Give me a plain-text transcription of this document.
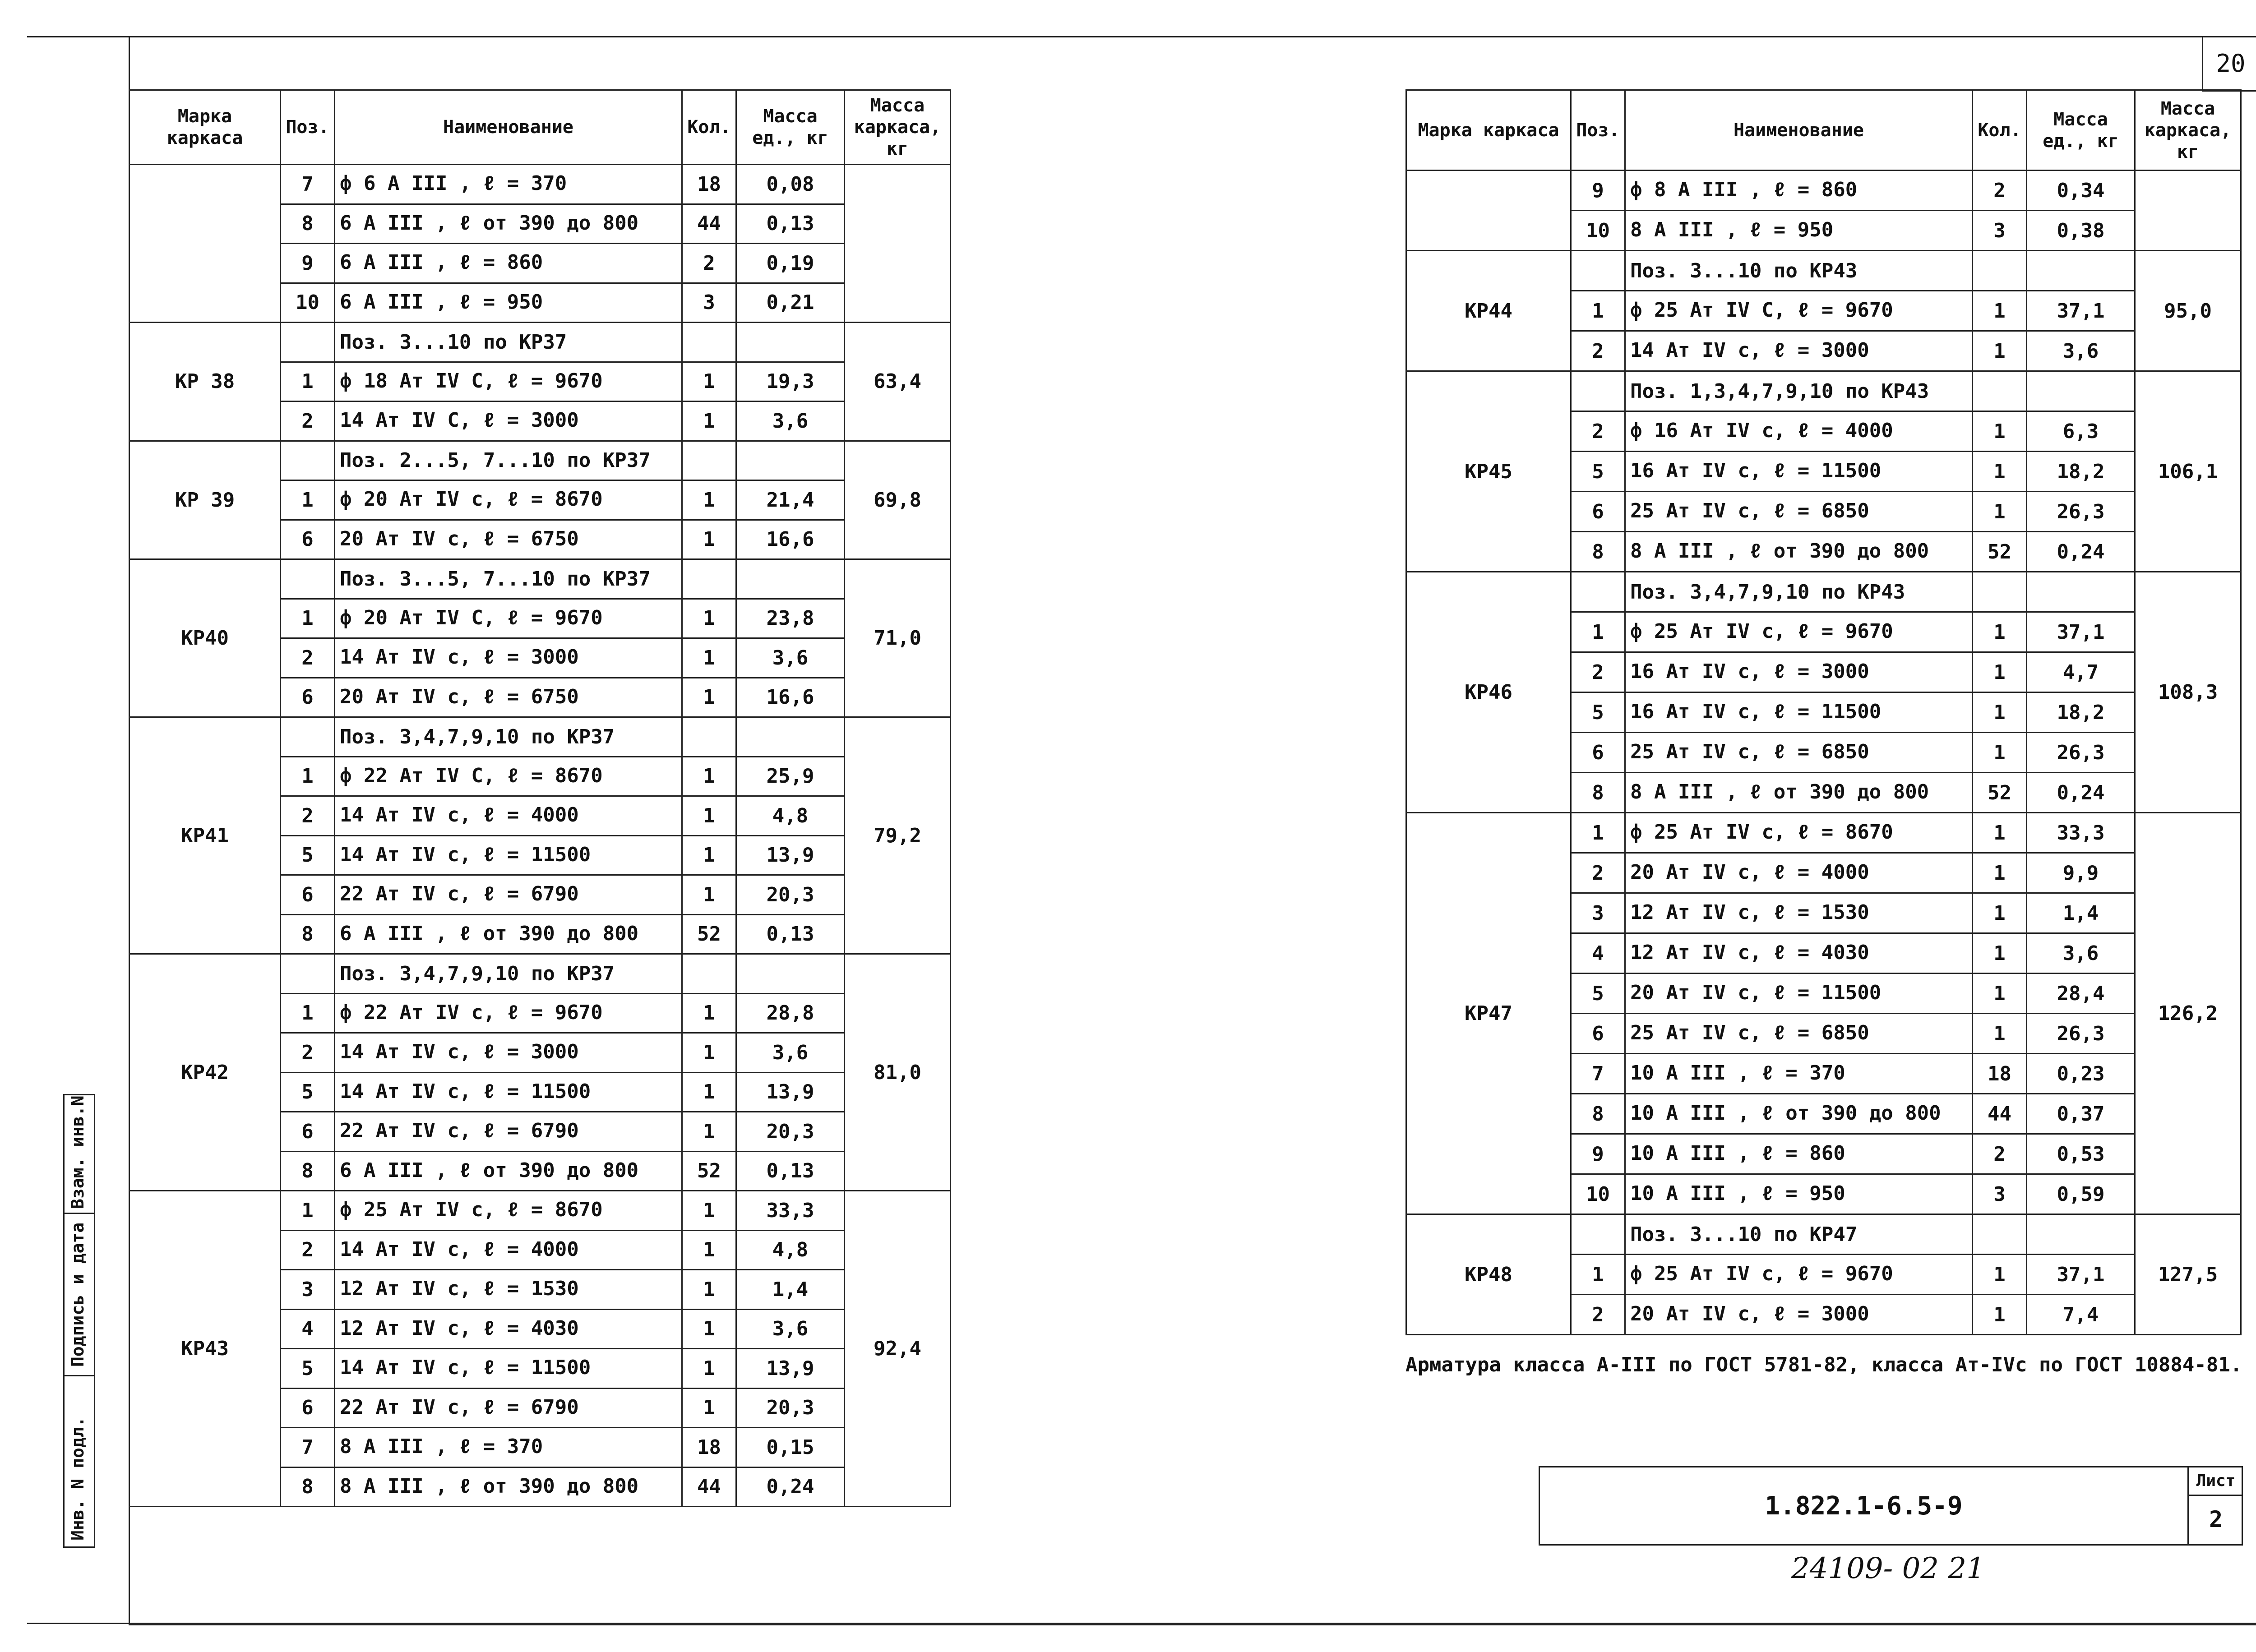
20
Марка каркаса	Поз.	Наименование	Кол.	Масса ед., кг	Масса каркаса, кг
	7	ф 6 А III , ℓ = 370	18	0,08	
	8	6 А III , ℓ от 390 до 800	44	0,13	
	9	6 А III , ℓ = 860	2	0,19	
	10	6 А III , ℓ = 950	3	0,21	
КР 38		Поз. 3...10 по КР37			63,4
	1	ф 18 Ат IV С, ℓ = 9670	1	19,3	
	2	14 Ат IV С, ℓ = 3000	1	3,6	
КР 39		Поз. 2...5, 7...10 по КР37			69,8
	1	ф 20 Ат IV с, ℓ = 8670	1	21,4	
	6	20 Ат IV с, ℓ = 6750	1	16,6	
КР40		Поз. 3...5, 7...10 по КР37			71,0
	1	ф 20 Ат IV С, ℓ = 9670	1	23,8	
	2	14 Ат IV с, ℓ = 3000	1	3,6	
	6	20 Ат IV с, ℓ = 6750	1	16,6	
КР41		Поз. 3,4,7,9,10 по КР37			79,2
	1	ф 22 Ат IV С, ℓ = 8670	1	25,9	
	2	14 Ат IV с, ℓ = 4000	1	4,8	
	5	14 Ат IV с, ℓ = 11500	1	13,9	
	6	22 Ат IV с, ℓ = 6790	1	20,3	
	8	6 А III , ℓ от 390 до 800	52	0,13	
КР42		Поз. 3,4,7,9,10 по КР37			81,0
	1	ф 22 Ат IV с, ℓ = 9670	1	28,8	
	2	14 Ат IV с, ℓ = 3000	1	3,6	
	5	14 Ат IV с, ℓ = 11500	1	13,9	
	6	22 Ат IV с, ℓ = 6790	1	20,3	
	8	6 А III , ℓ от 390 до 800	52	0,13	
КР43	1	ф 25 Ат IV с, ℓ = 8670	1	33,3	92,4
	2	14 Ат IV с, ℓ = 4000	1	4,8	
	3	12 Ат IV с, ℓ = 1530	1	1,4	
	4	12 Ат IV с, ℓ = 4030	1	3,6	
	5	14 Ат IV с, ℓ = 11500	1	13,9	
	6	22 Ат IV с, ℓ = 6790	1	20,3	
	7	8 А III , ℓ = 370	18	0,15	
	8	8 А III , ℓ от 390 до 800	44	0,24	
Марка каркаса	Поз.	Наименование	Кол.	Масса ед., кг	Масса каркаса, кг
	9	ф 8 А III , ℓ = 860	2	0,34	
	10	8 А III , ℓ = 950	3	0,38	
КР44		Поз. 3...10 по КР43			95,0
	1	ф 25 Ат IV С, ℓ = 9670	1	37,1	
	2	14 Ат IV с, ℓ = 3000	1	3,6	
КР45		Поз. 1,3,4,7,9,10 по КР43			106,1
	2	ф 16 Ат IV с, ℓ = 4000	1	6,3	
	5	16 Ат IV с, ℓ = 11500	1	18,2	
	6	25 Ат IV с, ℓ = 6850	1	26,3	
	8	8 А III , ℓ от 390 до 800	52	0,24	
КР46		Поз. 3,4,7,9,10 по КР43			108,3
	1	ф 25 Ат IV с, ℓ = 9670	1	37,1	
	2	16 Ат IV с, ℓ = 3000	1	4,7	
	5	16 Ат IV с, ℓ = 11500	1	18,2	
	6	25 Ат IV с, ℓ = 6850	1	26,3	
	8	8 А III , ℓ от 390 до 800	52	0,24	
КР47	1	ф 25 Ат IV с, ℓ = 8670	1	33,3	126,2
	2	20 Ат IV с, ℓ = 4000	1	9,9	
	3	12 Ат IV с, ℓ = 1530	1	1,4	
	4	12 Ат IV с, ℓ = 4030	1	3,6	
	5	20 Ат IV с, ℓ = 11500	1	28,4	
	6	25 Ат IV с, ℓ = 6850	1	26,3	
	7	10 А III , ℓ = 370	18	0,23	
	8	10 А III , ℓ от 390 до 800	44	0,37	
	9	10 А III , ℓ = 860	2	0,53	
	10	10 А III , ℓ = 950	3	0,59	
КР48		Поз. 3...10 по КР47			127,5
	1	ф 25 Ат IV с, ℓ = 9670	1	37,1	
	2	20 Ат IV с, ℓ = 3000	1	7,4	
Арматура класса А-III по ГОСТ 5781-82, класса Ат-IVс по ГОСТ 10884-81.
1.822.1-6.5-9
Лист
2
24109- 02 21
Инв. N подл.
Подпись и дата
Взам. инв.N
